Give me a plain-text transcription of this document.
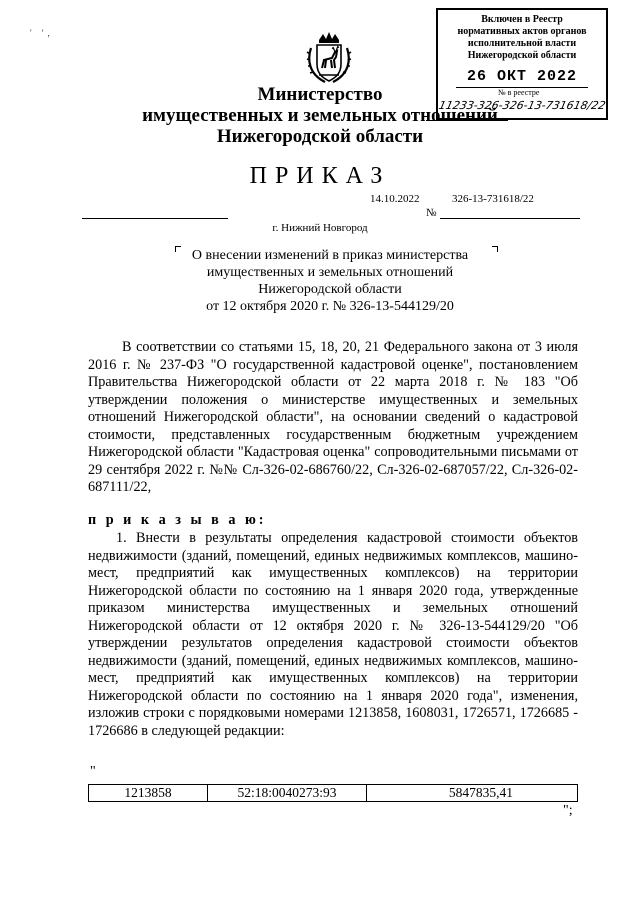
' ',
Включен в Реестр
нормативных актов органов
исполнительной власти
Нижегородской области
26 ОКТ 2022
№ в реестре
11233-326-326-13-731618/22
Министерство
имущественных и земельных отношений
Нижегородской области
ПРИКАЗ
14.10.2022	326-13-731618/22
№
г. Нижний Новгород
О внесении изменений в приказ министерства
имущественных и земельных отношений
Нижегородской области
от 12 октября 2020 г. № 326-13-544129/20
В соответствии со статьями 15, 18, 20, 21 Федерального закона от 3 июля 2016 г. № 237-ФЗ "О государственной кадастровой оценке", постановлением Правительства Нижегородской области от 22 марта 2018 г. № 183 "Об утверждении положения о министерстве имущественных и земельных отношений Нижегородской области", на основании сведений о кадастровой стоимости, представленных государственным бюджетным учреждением Нижегородской области "Кадастровая оценка" сопроводительными письмами от 29 сентября 2022 г. №№ Сл-326-02-686760/22, Сл-326-02-687057/22, Сл-326-02-687111/22,
п р и к а з ы в а ю:
1. Внести в результаты определения кадастровой стоимости объектов недвижимости (зданий, помещений, единых недвижимых комплексов, машино-мест, предприятий как имущественных комплексов) на территории Нижегородской области по состоянию на 1 января 2020 года, утвержденные приказом министерства имущественных и земельных отношений Нижегородской области от 12 октября 2020 г. № 326-13-544129/20 "Об утверждении результатов определения кадастровой стоимости объектов недвижимости (зданий, помещений, единых недвижимых комплексов, машино-мест, предприятий как имущественных комплексов) на территории Нижегородской области по состоянию на 1 января 2020 года", изменения, изложив строки с порядковыми номерами 1213858, 1608031, 1726571, 1726685 - 1726686 в следующей редакции:
"
1213858	52:18:0040273:93	5847835,41
";
